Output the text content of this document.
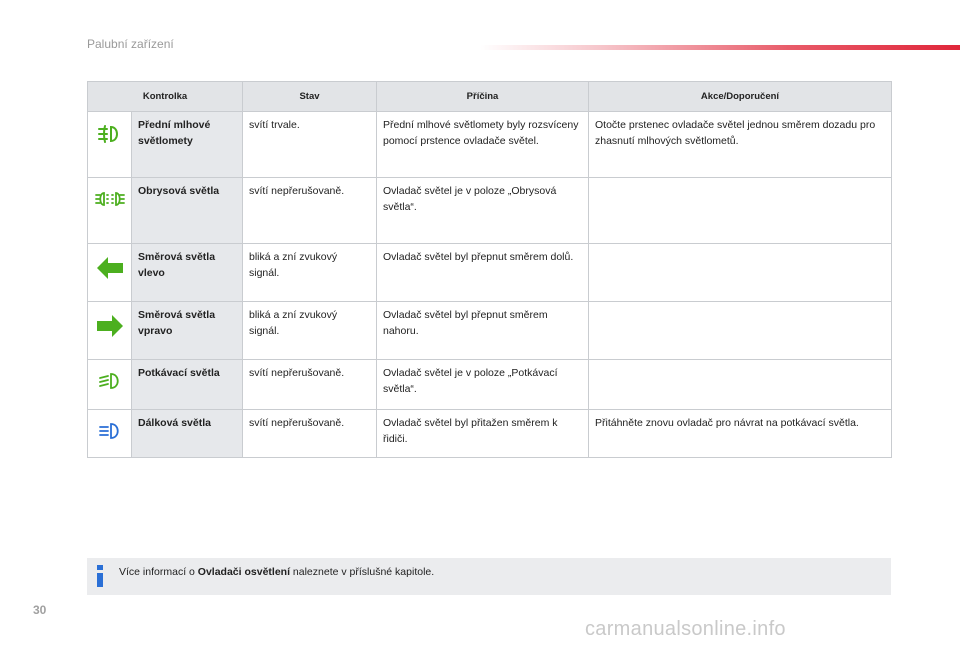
Palubní zařízení
Kontrolka		Stav	Příčina	Akce/Doporučení
	Přední mlhové světlomety	svítí trvale.	Přední mlhové světlomety byly rozsvíceny pomocí prstence ovladače světel.	Otočte prstenec ovladače světel jednou směrem dozadu pro zhasnutí mlhových světlometů.
	Obrysová světla	svítí nepřerušovaně.	Ovladač světel je v poloze „Obrysová světla“.	
	Směrová světla vlevo	bliká a zní zvukový signál.	Ovladač světel byl přepnut směrem dolů.	
	Směrová světla vpravo	bliká a zní zvukový signál.	Ovladač světel byl přepnut směrem nahoru.	
	Potkávací světla	svítí nepřerušovaně.	Ovladač světel je v poloze „Potkávací světla“.	
	Dálková světla	svítí nepřerušovaně.	Ovladač světel byl přitažen směrem k řidiči.	Přitáhněte znovu ovladač pro návrat na potkávací světla.
Více informací o Ovladači osvětlení naleznete v příslušné kapitole.
30
carmanualsonline.info
